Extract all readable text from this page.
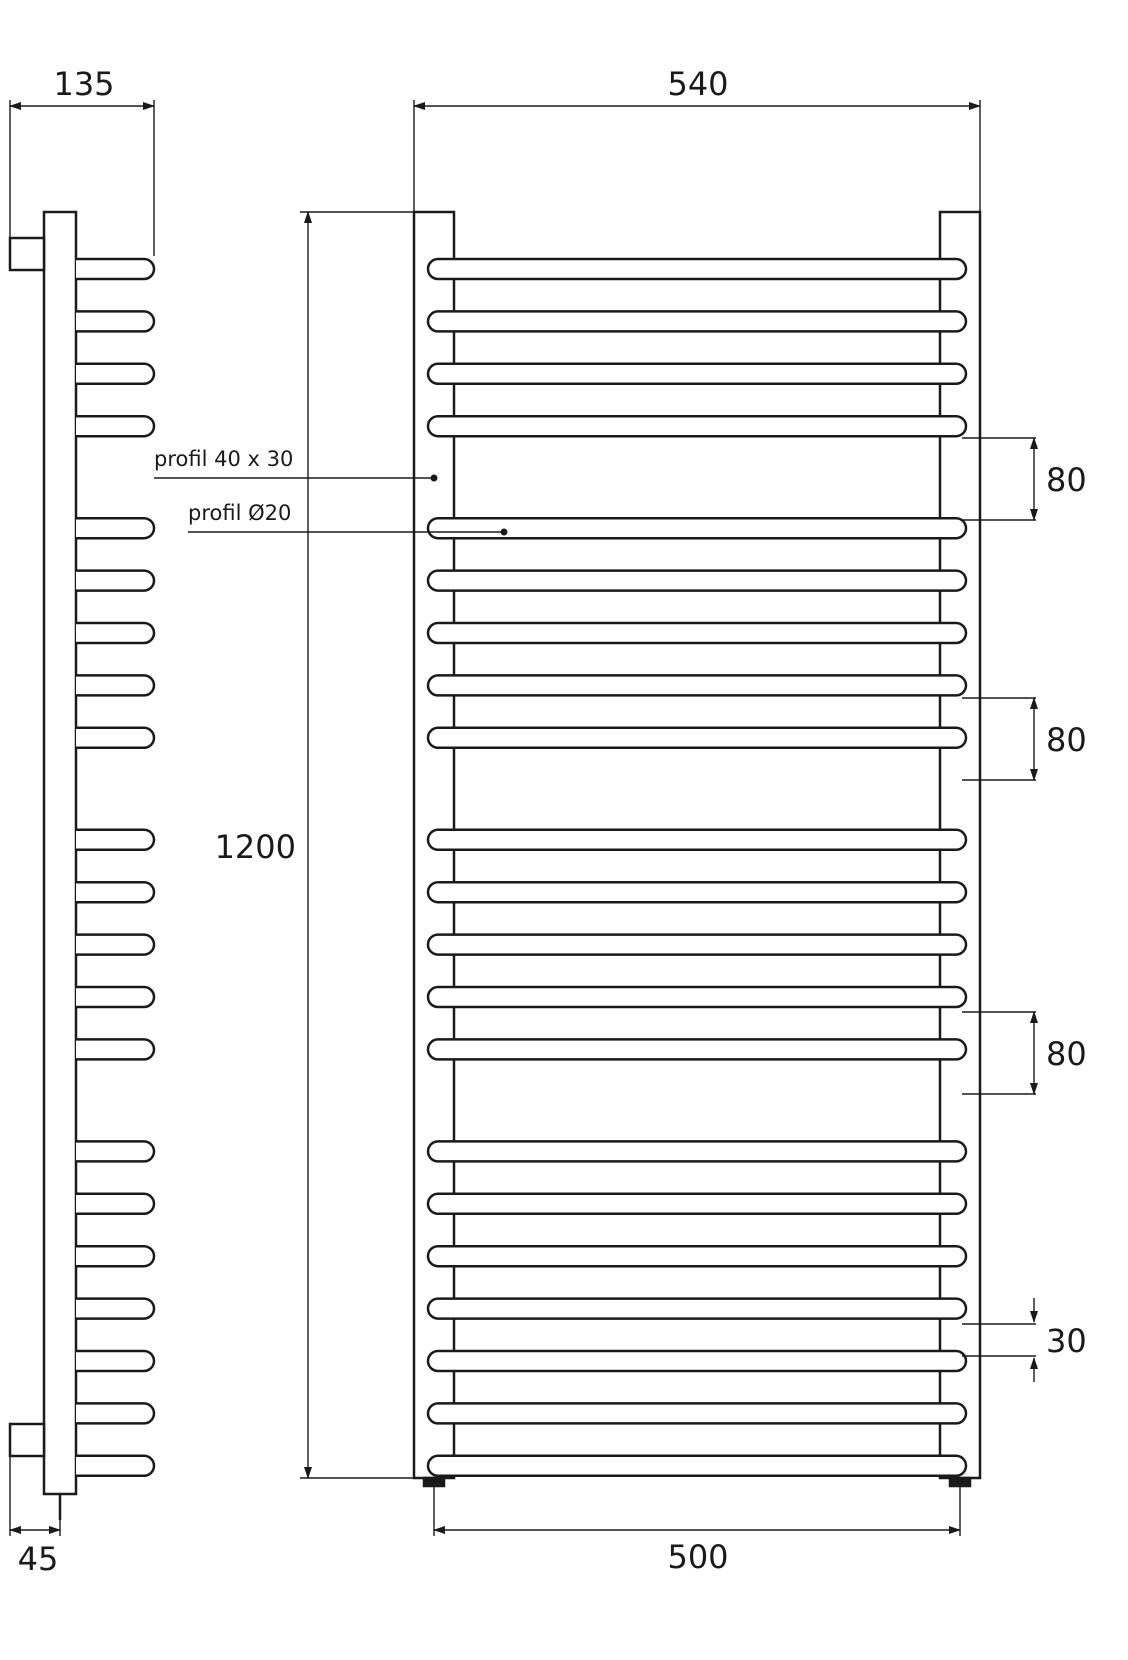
135	540
1200
500
45
80
80
80
30
profil 40 x 30
profil Ø20
